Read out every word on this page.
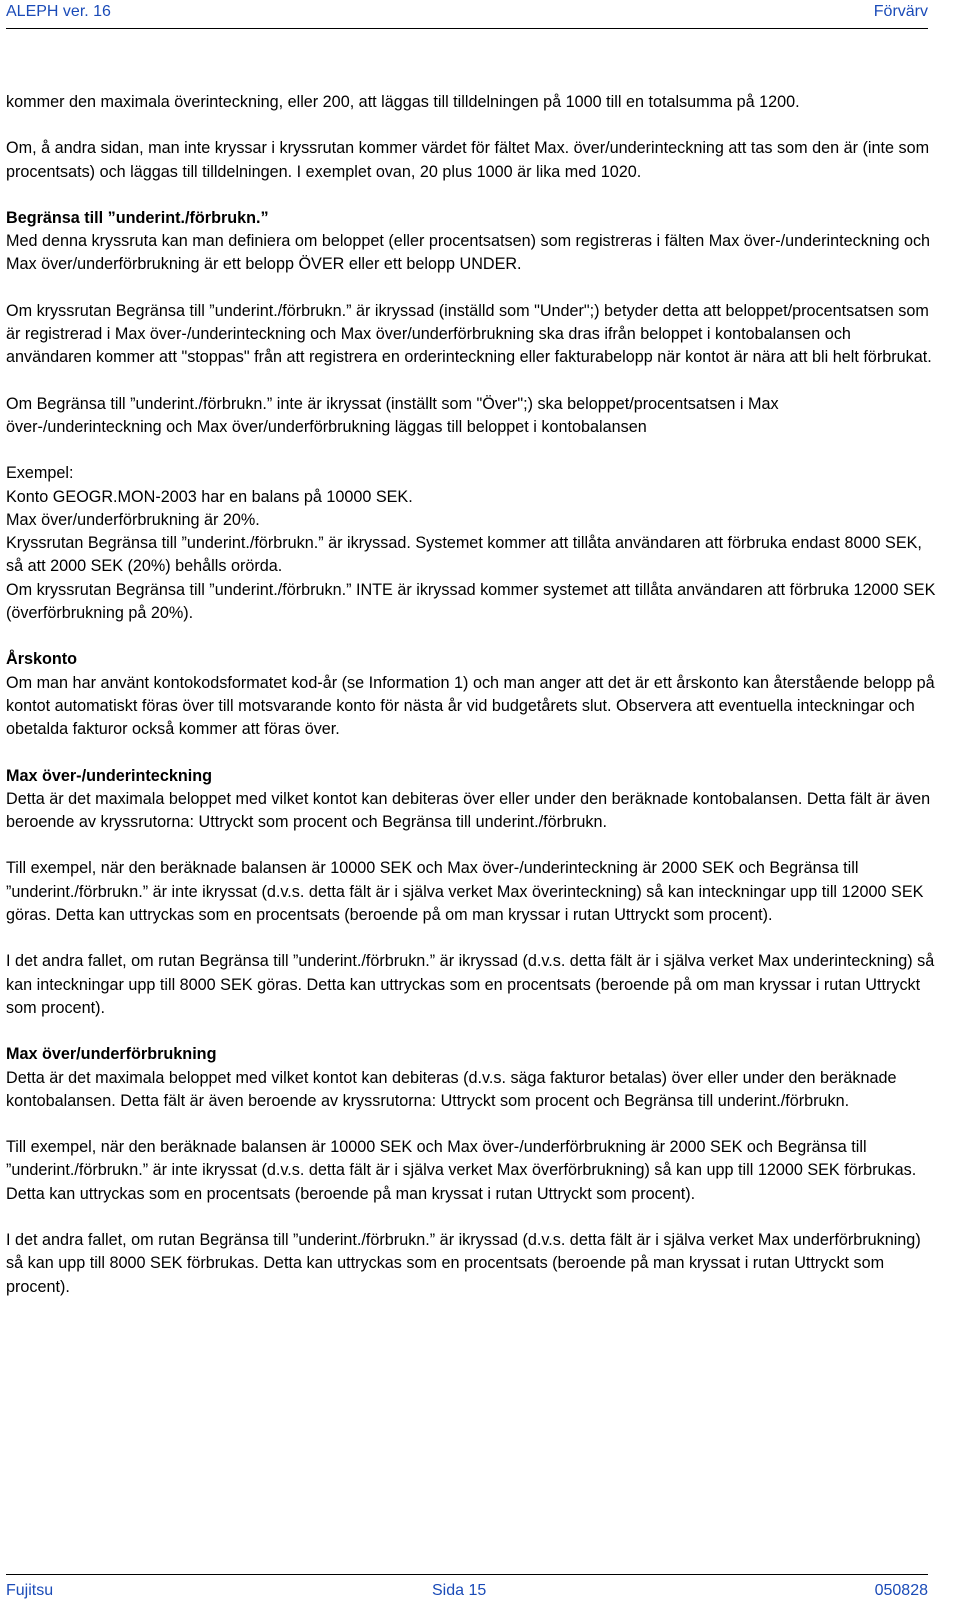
ALEPH ver. 16	Förvärv

kommer den maximala överinteckning, eller 200, att läggas till tilldelningen på 1000 till en totalsumma på 1200.

Om, å andra sidan, man inte kryssar i kryssrutan kommer värdet för fältet Max. över/underinteckning att tas som den är (inte som procentsats) och läggas till tilldelningen. I exemplet ovan, 20 plus 1000 är lika med 1020.

Begränsa till ”underint./förbrukn.”

Med denna kryssruta kan man definiera om beloppet (eller procentsatsen) som registreras i fälten Max över-/underinteckning och Max över/underförbrukning är ett belopp ÖVER eller ett belopp UNDER.

Om kryssrutan Begränsa till ”underint./förbrukn.” är ikryssad (inställd som "Under";) betyder detta att beloppet/procentsatsen som är registrerad i Max över-/underinteckning och Max över/underförbrukning ska dras ifrån beloppet i kontobalansen och användaren kommer att "stoppas" från att registrera en orderinteckning eller fakturabelopp när kontot är nära att bli helt förbrukat.

Om Begränsa till ”underint./förbrukn.” inte är ikryssat (inställt som "Över";) ska beloppet/procentsatsen i Max över-/underinteckning och Max över/underförbrukning läggas till beloppet i kontobalansen

Exempel:

Konto GEOGR.MON-2003 har en balans på 10000 SEK.

Max över/underförbrukning är 20%.

Kryssrutan Begränsa till ”underint./förbrukn.” är ikryssad. Systemet kommer att tillåta användaren att förbruka endast 8000 SEK, så att 2000 SEK (20%) behålls orörda.

Om kryssrutan Begränsa till ”underint./förbrukn.” INTE är ikryssad kommer systemet att tillåta användaren att förbruka 12000 SEK (överförbrukning på 20%).

Årskonto

Om man har använt kontokodsformatet kod-år (se Information 1) och man anger att det är ett årskonto kan återstående belopp på kontot automatiskt föras över till motsvarande konto för nästa år vid budgetårets slut. Observera att eventuella inteckningar och obetalda fakturor också kommer att föras över.

Max över-/underinteckning

Detta är det maximala beloppet med vilket kontot kan debiteras över eller under den beräknade kontobalansen. Detta fält är även beroende av kryssrutorna: Uttryckt som procent och Begränsa till underint./förbrukn.

Till exempel, när den beräknade balansen är 10000 SEK och Max över-/underinteckning är 2000 SEK och Begränsa till ”underint./förbrukn.” är inte ikryssat (d.v.s. detta fält är i själva verket Max överinteckning) så kan inteckningar upp till 12000 SEK göras. Detta kan uttryckas som en procentsats (beroende på om man kryssar i rutan Uttryckt som procent).

I det andra fallet, om rutan Begränsa till ”underint./förbrukn.” är ikryssad (d.v.s. detta fält är i själva verket Max underinteckning) så kan inteckningar upp till 8000 SEK göras. Detta kan uttryckas som en procentsats (beroende på om man kryssar i rutan Uttryckt som procent).

Max över/underförbrukning

Detta är det maximala beloppet med vilket kontot kan debiteras (d.v.s. säga fakturor betalas) över eller under den beräknade kontobalansen. Detta fält är även beroende av kryssrutorna: Uttryckt som procent och Begränsa till underint./förbrukn.

Till exempel, när den beräknade balansen är 10000 SEK och Max över-/underförbrukning är 2000 SEK och Begränsa till ”underint./förbrukn.” är inte ikryssat (d.v.s. detta fält är i själva verket Max överförbrukning) så kan upp till 12000 SEK förbrukas. Detta kan uttryckas som en procentsats (beroende på man kryssat i rutan Uttryckt som procent).

I det andra fallet, om rutan Begränsa till ”underint./förbrukn.” är ikryssad (d.v.s. detta fält är i själva verket Max underförbrukning) så kan upp till 8000 SEK förbrukas. Detta kan uttryckas som en procentsats (beroende på man kryssat i rutan Uttryckt som procent).

Fujitsu	Sida 15	050828
